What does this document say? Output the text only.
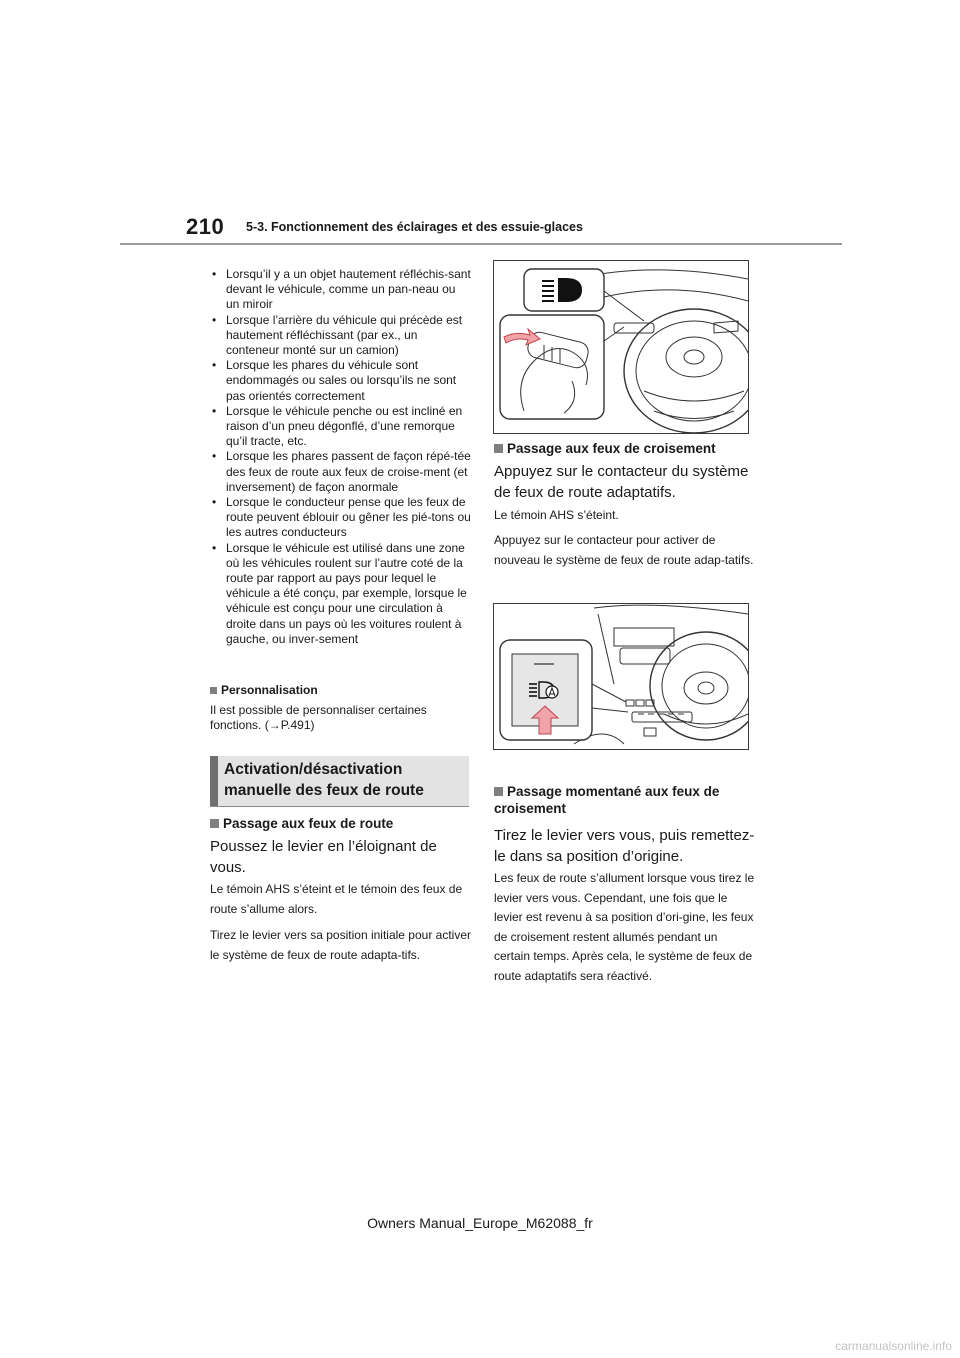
210 5-3. Fonctionnement des éclairages et des essuie-glaces
• Lorsqu’il y a un objet hautement réfléchis-sant devant le véhicule, comme un pan-neau ou un miroir
• Lorsque l’arrière du véhicule qui précède est hautement réfléchissant (par ex., un conteneur monté sur un camion)
• Lorsque les phares du véhicule sont endommagés ou sales ou lorsqu’ils ne sont pas orientés correctement
• Lorsque le véhicule penche ou est incliné en raison d’un pneu dégonflé, d’une remorque qu’il tracte, etc.
• Lorsque les phares passent de façon répé-tée des feux de route aux feux de croise-ment (et inversement) de façon anormale
• Lorsque le conducteur pense que les feux de route peuvent éblouir ou gêner les pié-tons ou les autres conducteurs
• Lorsque le véhicule est utilisé dans une zone où les véhicules roulent sur l’autre coté de la route par rapport au pays pour lequel le véhicule a été conçu, par exemple, lorsque le véhicule est conçu pour une circulation à droite dans un pays où les voitures roulent à gauche, ou inver-sement
Personnalisation
Il est possible de personnaliser certaines fonctions. (→P.491)
Activation/désactivation manuelle des feux de route
Passage aux feux de route
Poussez le levier en l’éloignant de vous.
Le témoin AHS s’éteint et le témoin des feux de route s’allume alors.
Tirez le levier vers sa position initiale pour activer le système de feux de route adapta-tifs.
Passage aux feux de croisement
Appuyez sur le contacteur du système de feux de route adaptatifs.
Le témoin AHS s’éteint.
Appuyez sur le contacteur pour activer de nouveau le système de feux de route adap-tatifs.
Passage momentané aux feux de croisement
Tirez le levier vers vous, puis remettez-le dans sa position d’origine.
Les feux de route s’allument lorsque vous tirez le levier vers vous. Cependant, une fois que le levier est revenu à sa position d’ori-gine, les feux de croisement restent allumés pendant un certain temps. Après cela, le système de feux de route adaptatifs sera réactivé.
Owners Manual_Europe_M62088_fr
carmanualsonline.info
